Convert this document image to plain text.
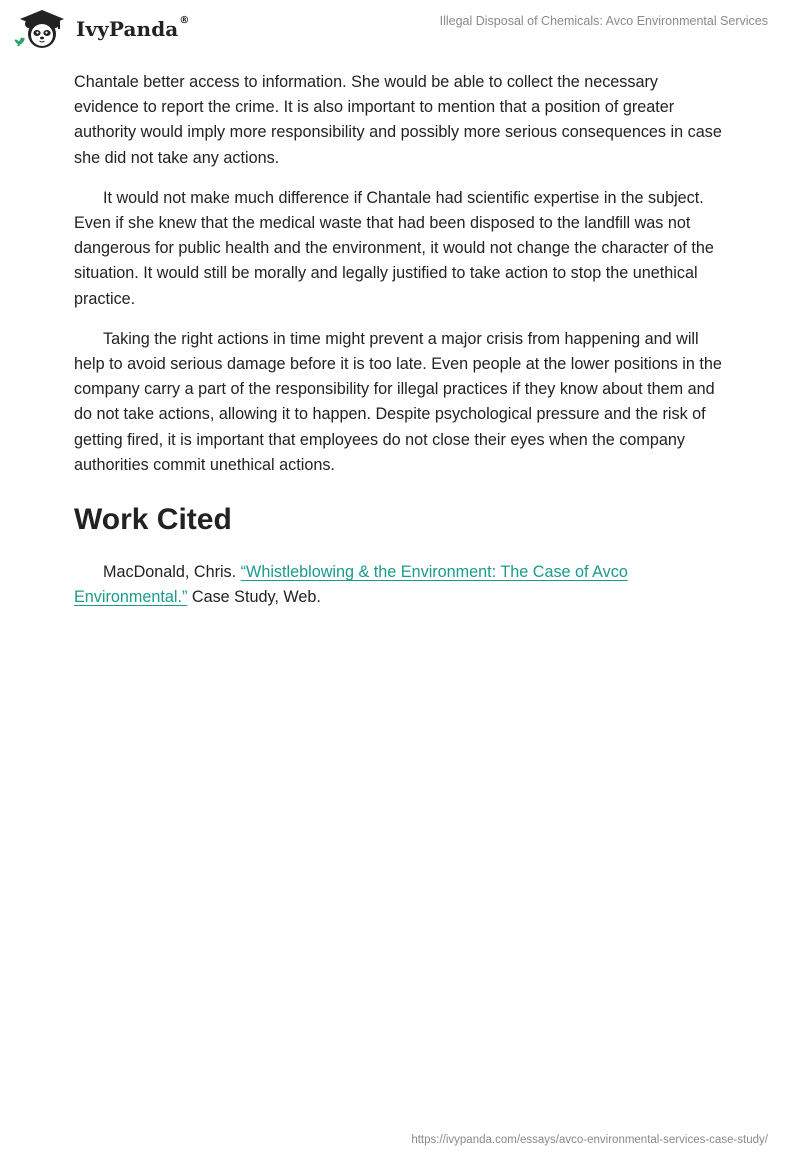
IvyPanda®	Illegal Disposal of Chemicals: Avco Environmental Services

Chantale better access to information. She would be able to collect the necessary evidence to report the crime. It is also important to mention that a position of greater authority would imply more responsibility and possibly more serious consequences in case she did not take any actions.

It would not make much difference if Chantale had scientific expertise in the subject. Even if she knew that the medical waste that had been disposed to the landfill was not dangerous for public health and the environment, it would not change the character of the situation. It would still be morally and legally justified to take action to stop the unethical practice.

Taking the right actions in time might prevent a major crisis from happening and will help to avoid serious damage before it is too late. Even people at the lower positions in the company carry a part of the responsibility for illegal practices if they know about them and do not take actions, allowing it to happen. Despite psychological pressure and the risk of getting fired, it is important that employees do not close their eyes when the company authorities commit unethical actions.

Work Cited

MacDonald, Chris. “Whistleblowing & the Environment: The Case of Avco Environmental.” Case Study, Web.

https://ivypanda.com/essays/avco-environmental-services-case-study/
